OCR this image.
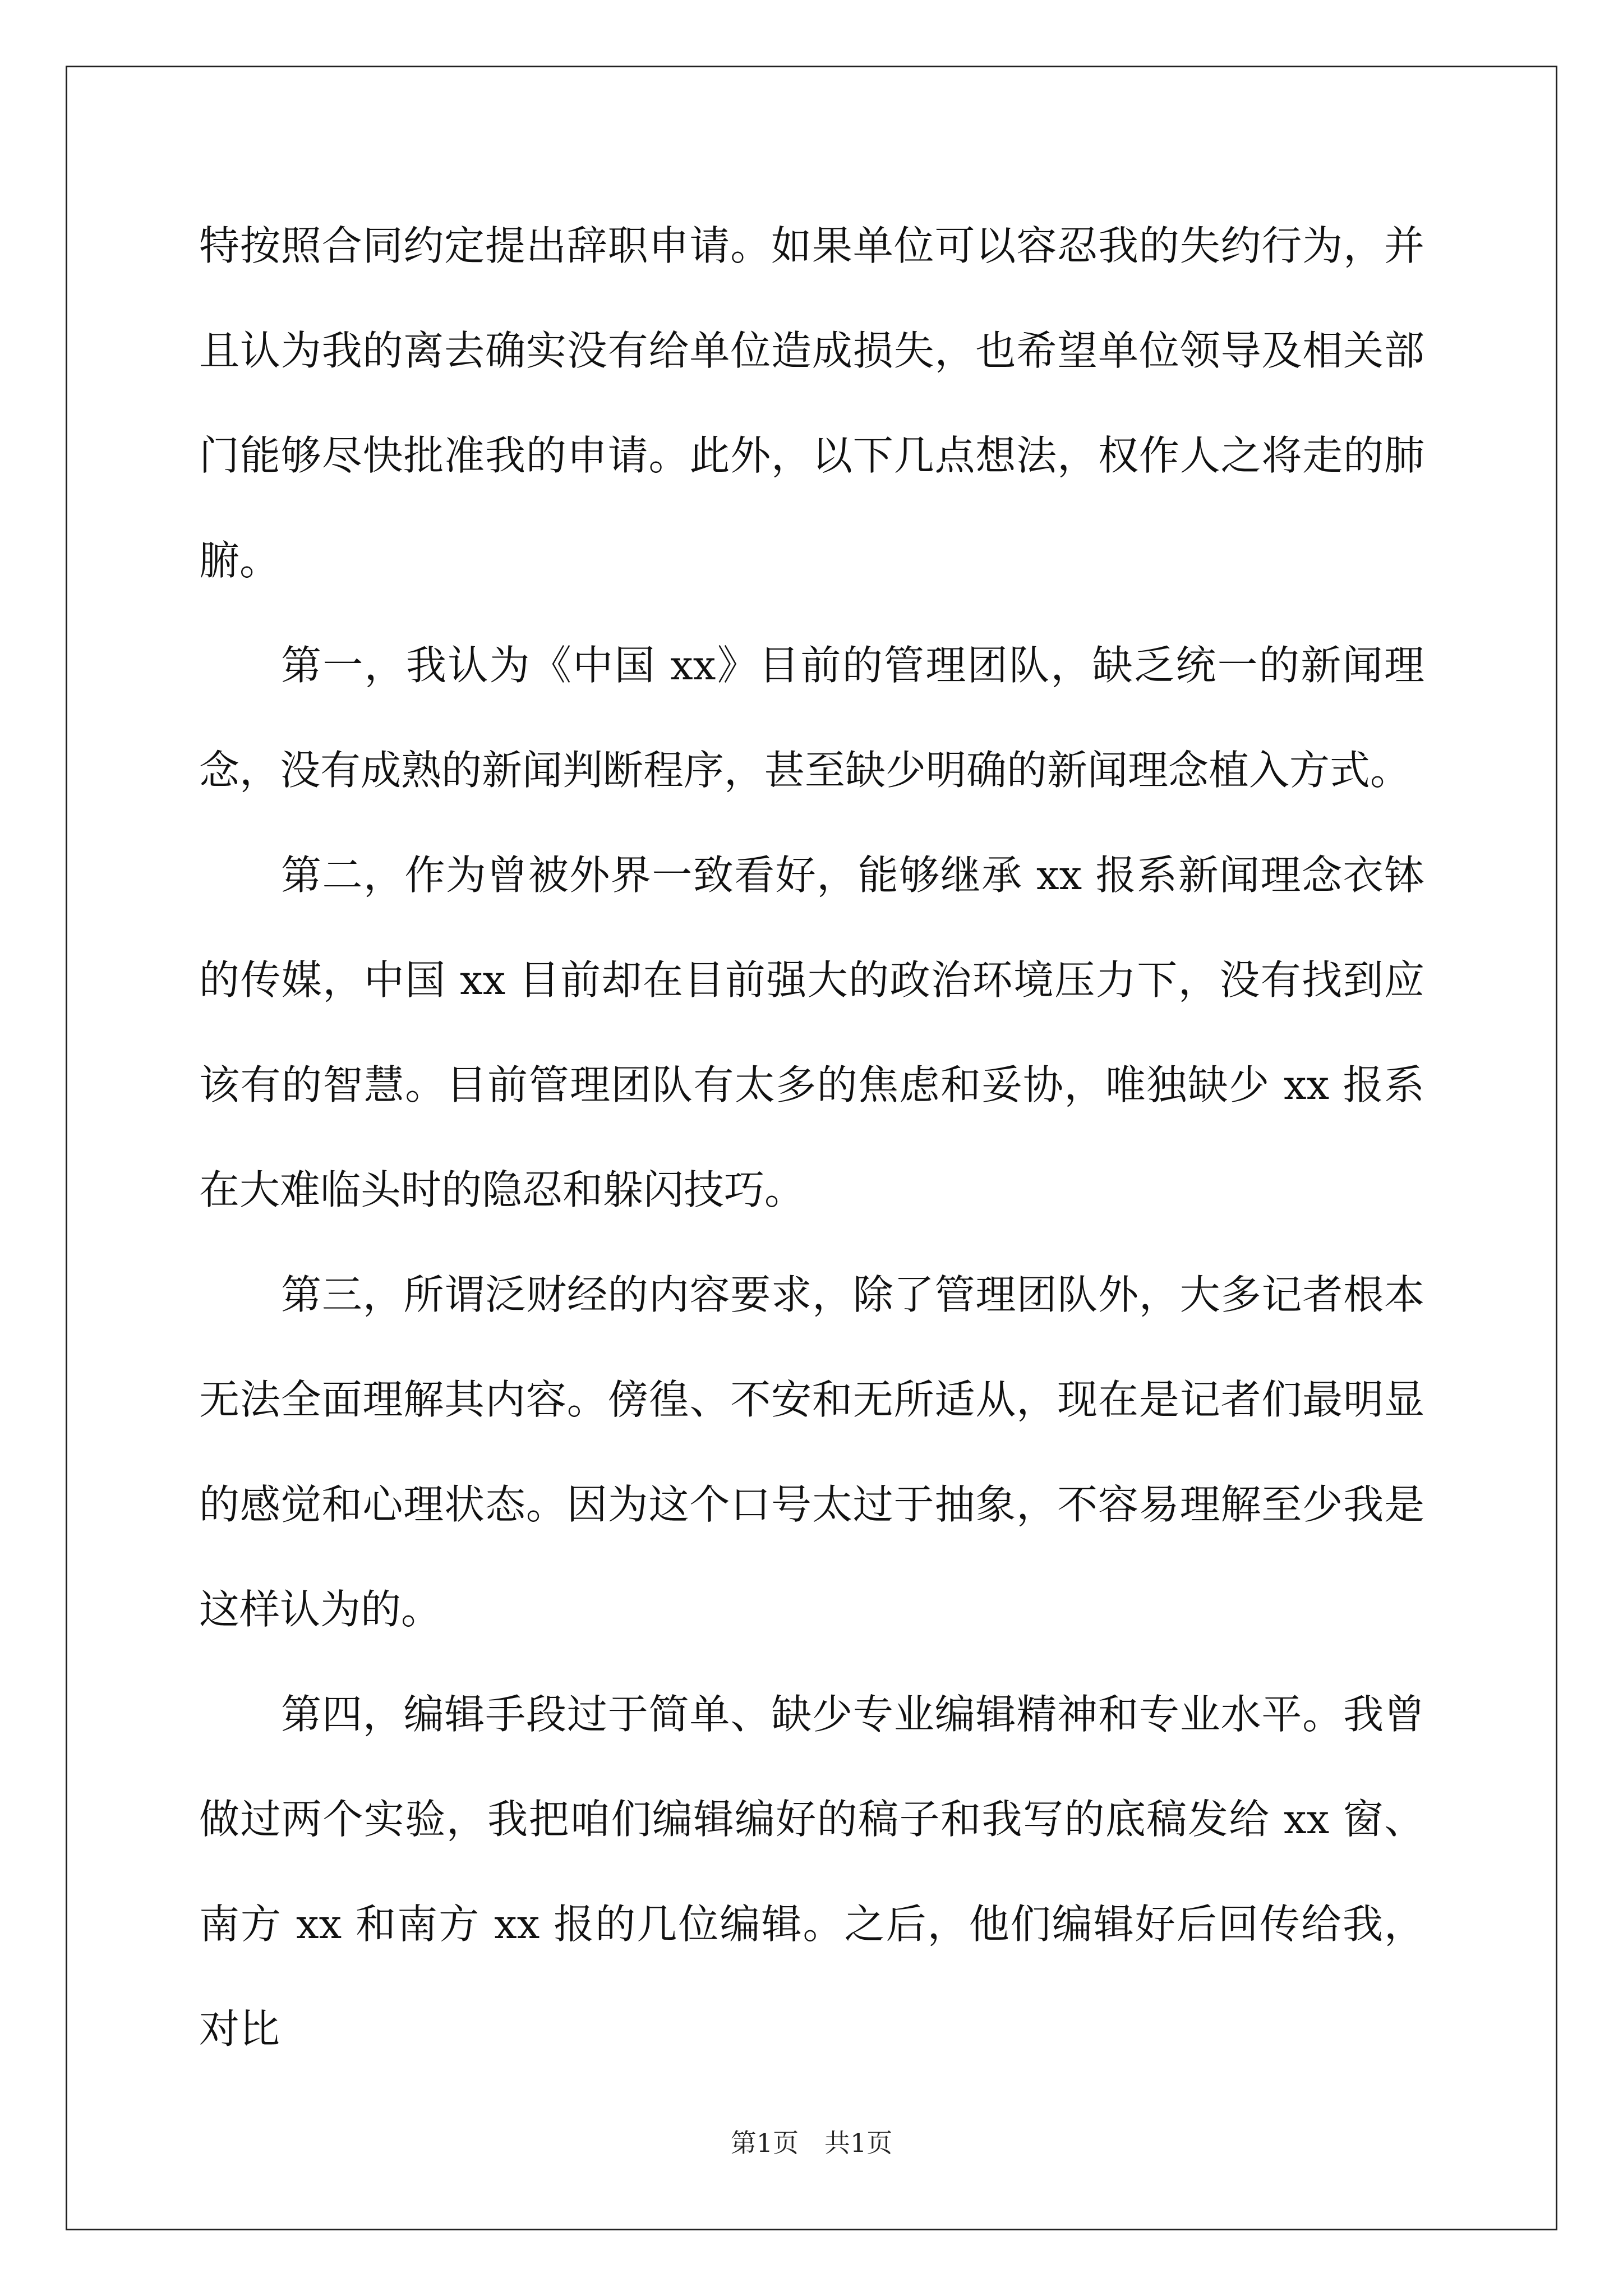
特按照合同约定提出辞职申请。如果单位可以容忍我的失约行为，并且认为我的离去确实没有给单位造成损失，也希望单位领导及相关部门能够尽快批准我的申请。此外，以下几点想法，权作人之将走的肺腑。

第一，我认为《中国 xx》目前的管理团队，缺乏统一的新闻理念，没有成熟的新闻判断程序，甚至缺少明确的新闻理念植入方式。

第二，作为曾被外界一致看好，能够继承 xx 报系新闻理念衣钵的传媒，中国 xx 目前却在目前强大的政治环境压力下，没有找到应该有的智慧。目前管理团队有太多的焦虑和妥协，唯独缺少 xx 报系在大难临头时的隐忍和躲闪技巧。

第三，所谓泛财经的内容要求，除了管理团队外，大多记者根本无法全面理解其内容。傍徨、不安和无所适从，现在是记者们最明显的感觉和心理状态。因为这个口号太过于抽象，不容易理解至少我是这样认为的。

第四，编辑手段过于简单、缺少专业编辑精神和专业水平。我曾做过两个实验，我把咱们编辑编好的稿子和我写的底稿发给 xx 窗、南方 xx 和南方 xx 报的几位编辑。之后，他们编辑好后回传给我，对比

第1页　共1页
